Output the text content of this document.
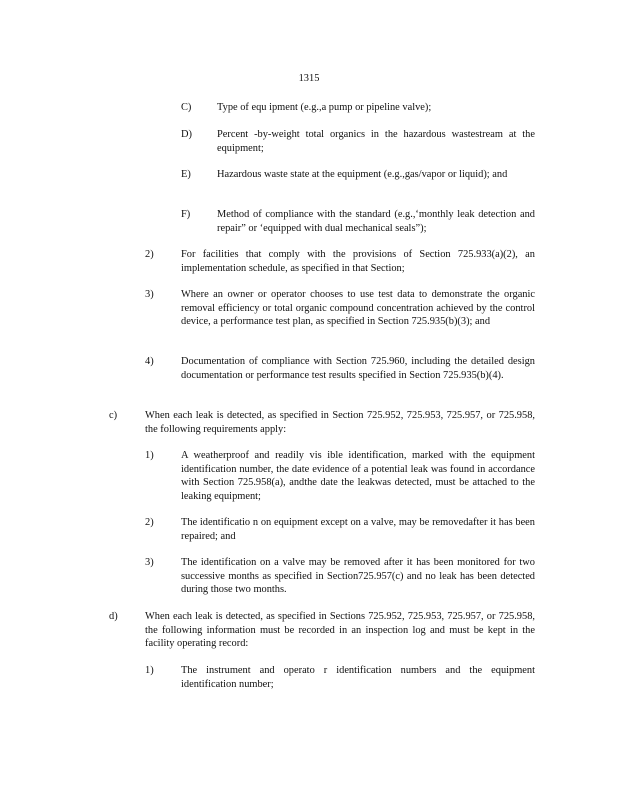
1315
C)	Type of equ ipment (e.g.,a pump or pipeline valve);
D)	Percent -by-weight total organics in the hazardous wastestream at the equipment;
E)	Hazardous waste state at the equipment (e.g.,gas/vapor or liquid); and
F)	Method of compliance with the standard (e.g.,‘monthly leak detection and repair” or ‘equipped with dual mechanical seals”);
2)	For facilities that comply with the provisions of Section 725.933(a)(2), an implementation schedule, as specified in that Section;
3)	Where an owner or operator chooses to use test data to demonstrate the organic removal efficiency or total organic compound concentration achieved by the control device, a performance test plan, as specified in Section 725.935(b)(3); and
4)	Documentation of compliance with Section 725.960, including the detailed design documentation or performance test results specified in Section 725.935(b)(4).
c)	When each leak is detected, as specified in Section 725.952, 725.953, 725.957, or 725.958, the following requirements apply:
1)	A weatherproof and readily vis ible identification, marked with the equipment identification number, the date evidence of a potential leak was found in accordance with Section 725.958(a), andthe date the leakwas detected, must be attached to the leaking equipment;
2)	The identificatio n on equipment except on a valve, may be removedafter it has been repaired; and
3)	The identification on a valve may be removed after it has been monitored for two successive months as specified in Section725.957(c) and no leak has been detected during those two months.
d)	When each leak is detected, as specified in Sections 725.952, 725.953, 725.957, or 725.958, the following information must be recorded in an inspection log and must be kept in the facility operating record:
1)	The instrument and operato r identification numbers and the equipment identification number;
